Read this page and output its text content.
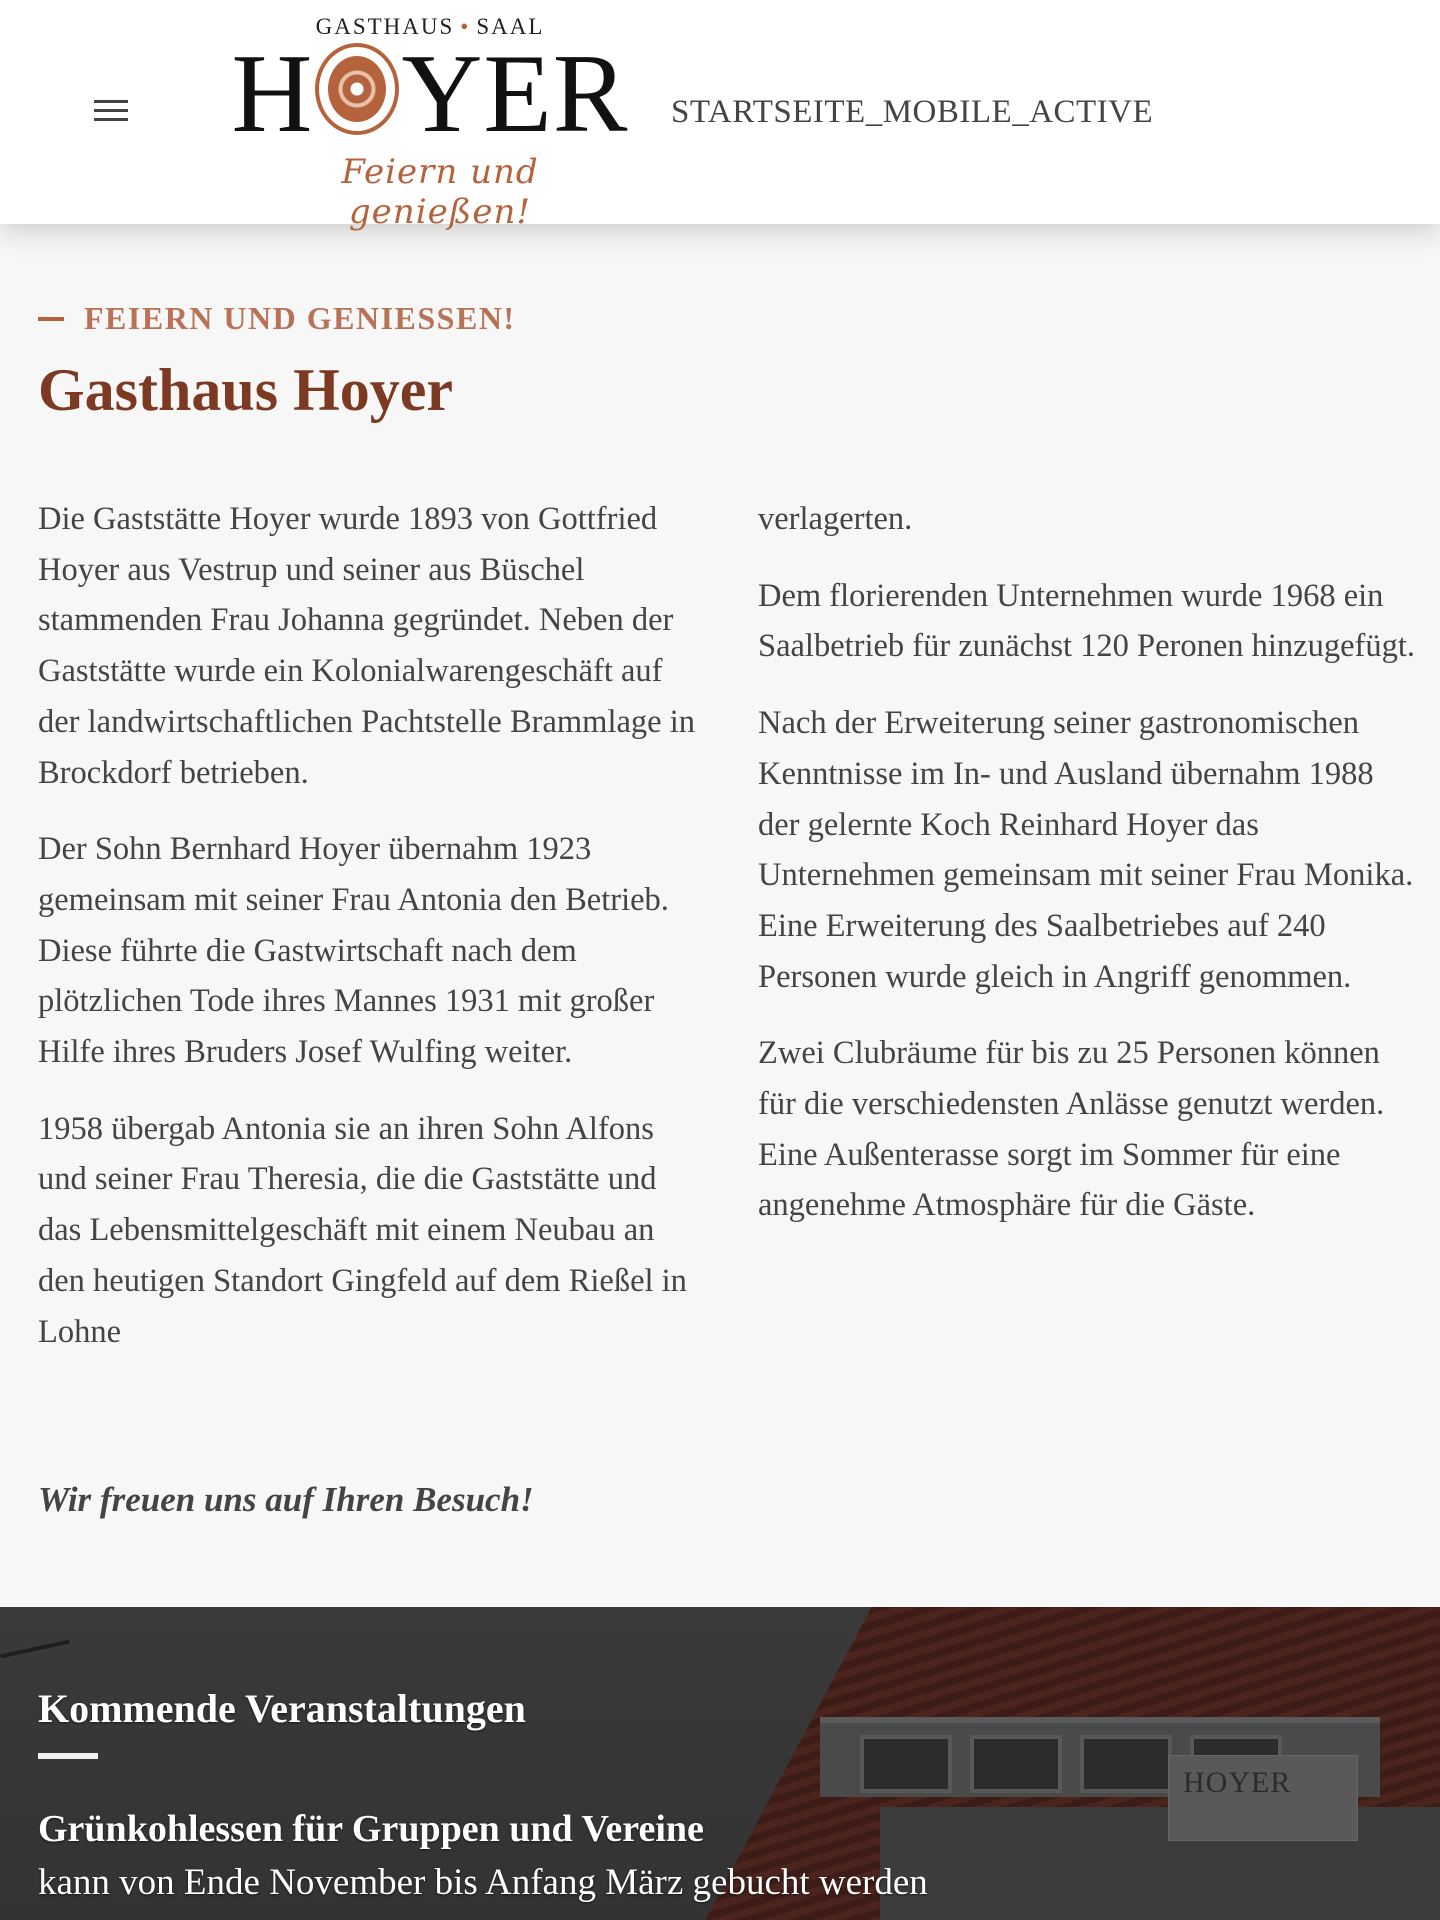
GASTHAUS • SAAL
H YER
Feiern und genießen!
STARTSEITE_MOBILE_ACTIVE
FEIERN UND GENIESSEN!
Gasthaus Hoyer

Die Gaststätte Hoyer wurde 1893 von Gottfried Hoyer aus Vestrup und seiner aus Büschel stammenden Frau Johanna gegründet. Neben der Gaststätte wurde ein Kolonialwarengeschäft auf der landwirtschaftlichen Pachtstelle Brammlage in Brockdorf betrieben.

Der Sohn Bernhard Hoyer übernahm 1923 gemeinsam mit seiner Frau Antonia den Betrieb. Diese führte die Gastwirtschaft nach dem plötzlichen Tode ihres Mannes 1931 mit großer Hilfe ihres Bruders Josef Wulfing weiter.

1958 übergab Antonia sie an ihren Sohn Alfons und seiner Frau Theresia, die die Gaststätte und das Lebensmittelgeschäft mit einem Neubau an den heutigen Standort Gingfeld auf dem Rießel in Lohne

verlagerten.

Dem florierenden Unternehmen wurde 1968 ein Saalbetrieb für zunächst 120 Peronen hinzugefügt.

Nach der Erweiterung seiner gastronomischen Kenntnisse im In- und Ausland übernahm 1988 der gelernte Koch Reinhard Hoyer das Unternehmen gemeinsam mit seiner Frau Monika. Eine Erweiterung des Saalbetriebes auf 240 Personen wurde gleich in Angriff genommen.

Zwei Clubräume für bis zu 25 Personen können für die verschiedensten Anlässe genutzt werden. Eine Außenterasse sorgt im Sommer für eine angenehme Atmosphäre für die Gäste.

Wir freuen uns auf Ihren Besuch!
HOYER
Kommende Veranstaltungen
Grünkohlessen für Gruppen und Vereine
kann von Ende November bis Anfang März gebucht werden
